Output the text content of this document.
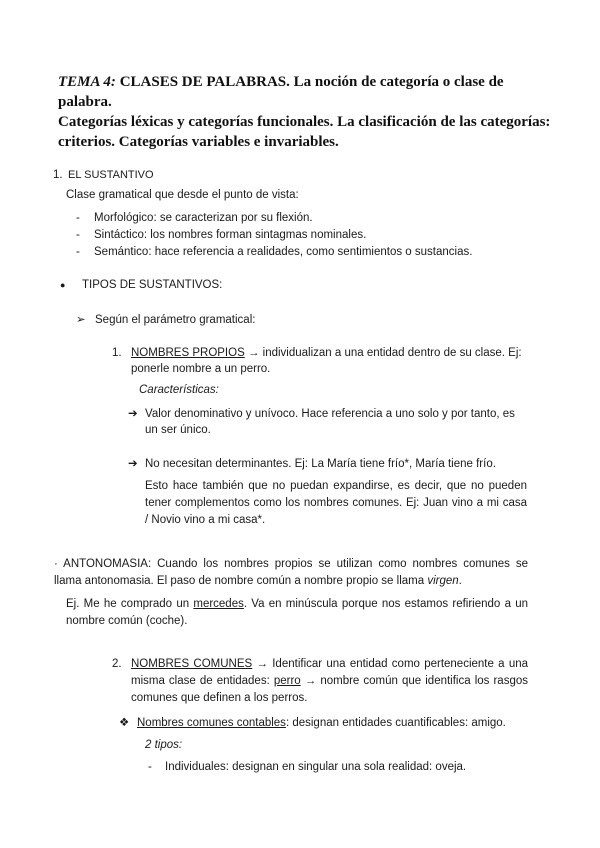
TEMA 4: CLASES DE PALABRAS. La noción de categoría o clase de palabra.
Categorías léxicas y categorías funcionales. La clasificación de las categorías:
criterios. Categorías variables e invariables.
1. EL SUSTANTIVO
Clase gramatical que desde el punto de vista:
- Morfológico: se caracterizan por su flexión.
- Sintáctico: los nombres forman sintagmas nominales.
- Semántico: hace referencia a realidades, como sentimientos o sustancias.
● TIPOS DE SUSTANTIVOS:
➢ Según el parámetro gramatical:
1. NOMBRES PROPIOS → individualizan a una entidad dentro de su clase. Ej: ponerle nombre a un perro.
Características:
➔ Valor denominativo y unívoco. Hace referencia a uno solo y por tanto, es un ser único.
➔ No necesitan determinantes. Ej: La María tiene frío*, María tiene frío.
Esto hace también que no puedan expandirse, es decir, que no pueden tener complementos como los nombres comunes. Ej: Juan vino a mi casa / Novio vino a mi casa*.
· ANTONOMASIA: Cuando los nombres propios se utilizan como nombres comunes se llama antonomasia. El paso de nombre común a nombre propio se llama virgen.
Ej. Me he comprado un mercedes. Va en minúscula porque nos estamos refiriendo a un nombre común (coche).
2. NOMBRES COMUNES → Identificar una entidad como perteneciente a una misma clase de entidades: perro → nombre común que identifica los rasgos comunes que definen a los perros.
❖ Nombres comunes contables: designan entidades cuantificables: amigo.
2 tipos:
- Individuales: designan en singular una sola realidad: oveja.
